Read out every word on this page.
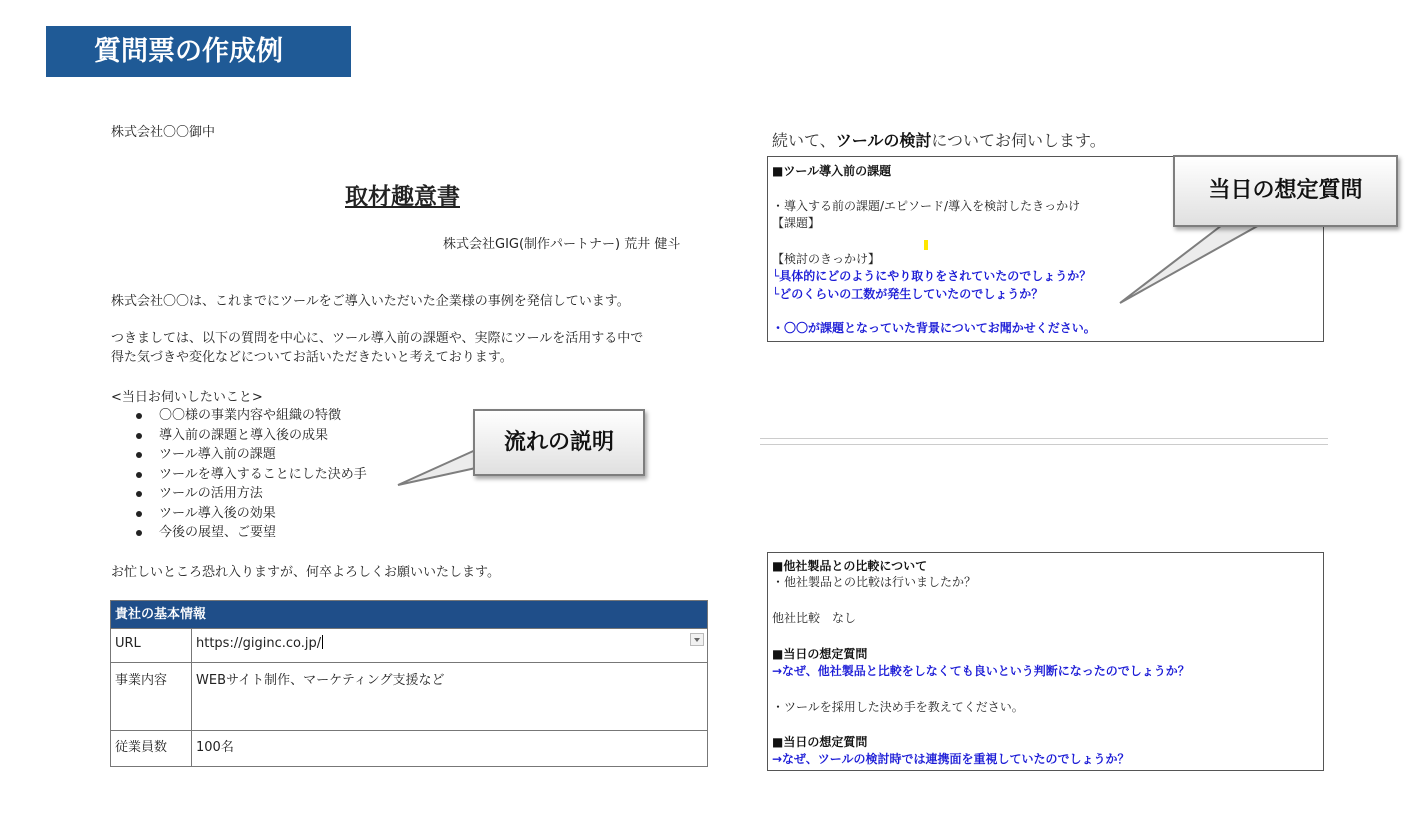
質問票の作成例
株式会社〇〇御中
取材趣意書
株式会社GIG(制作パートナー) 荒井 健斗
株式会社〇〇は、これまでにツールをご導入いただいた企業様の事例を発信しています。
つきましては、以下の質問を中心に、ツール導入前の課題や、実際にツールを活用する中で
得た気づきや変化などについてお話いただきたいと考えております。
<当日お伺いしたいこと>
〇〇様の事業内容や組織の特徴
導入前の課題と導入後の成果
ツール導入前の課題
ツールを導入することにした決め手
ツールの活用方法
ツール導入後の効果
今後の展望、ご要望
お忙しいところ恐れ入りますが、何卒よろしくお願いいたします。
貴社の基本情報	
URL	https://giginc.co.jp/

事業内容	WEBサイト制作、マーケティング支援など
従業員数	100名
流れの説明
続いて、ツールの検討についてお伺いします。
■ツール導入前の課題
・導入する前の課題/エピソード/導入を検討したきっかけ
【課題】
【検討のきっかけ】
└具体的にどのようにやり取りをされていたのでしょうか？
└どのくらいの工数が発生していたのでしょうか？
・〇〇が課題となっていた背景についてお聞かせください。
当日の想定質問
■他社製品との比較について
・他社製品との比較は行いましたか？
他社比較　なし
■当日の想定質問
→なぜ、他社製品と比較をしなくても良いという判断になったのでしょうか？
・ツールを採用した決め手を教えてください。
■当日の想定質問
→なぜ、ツールの検討時では連携面を重視していたのでしょうか？
